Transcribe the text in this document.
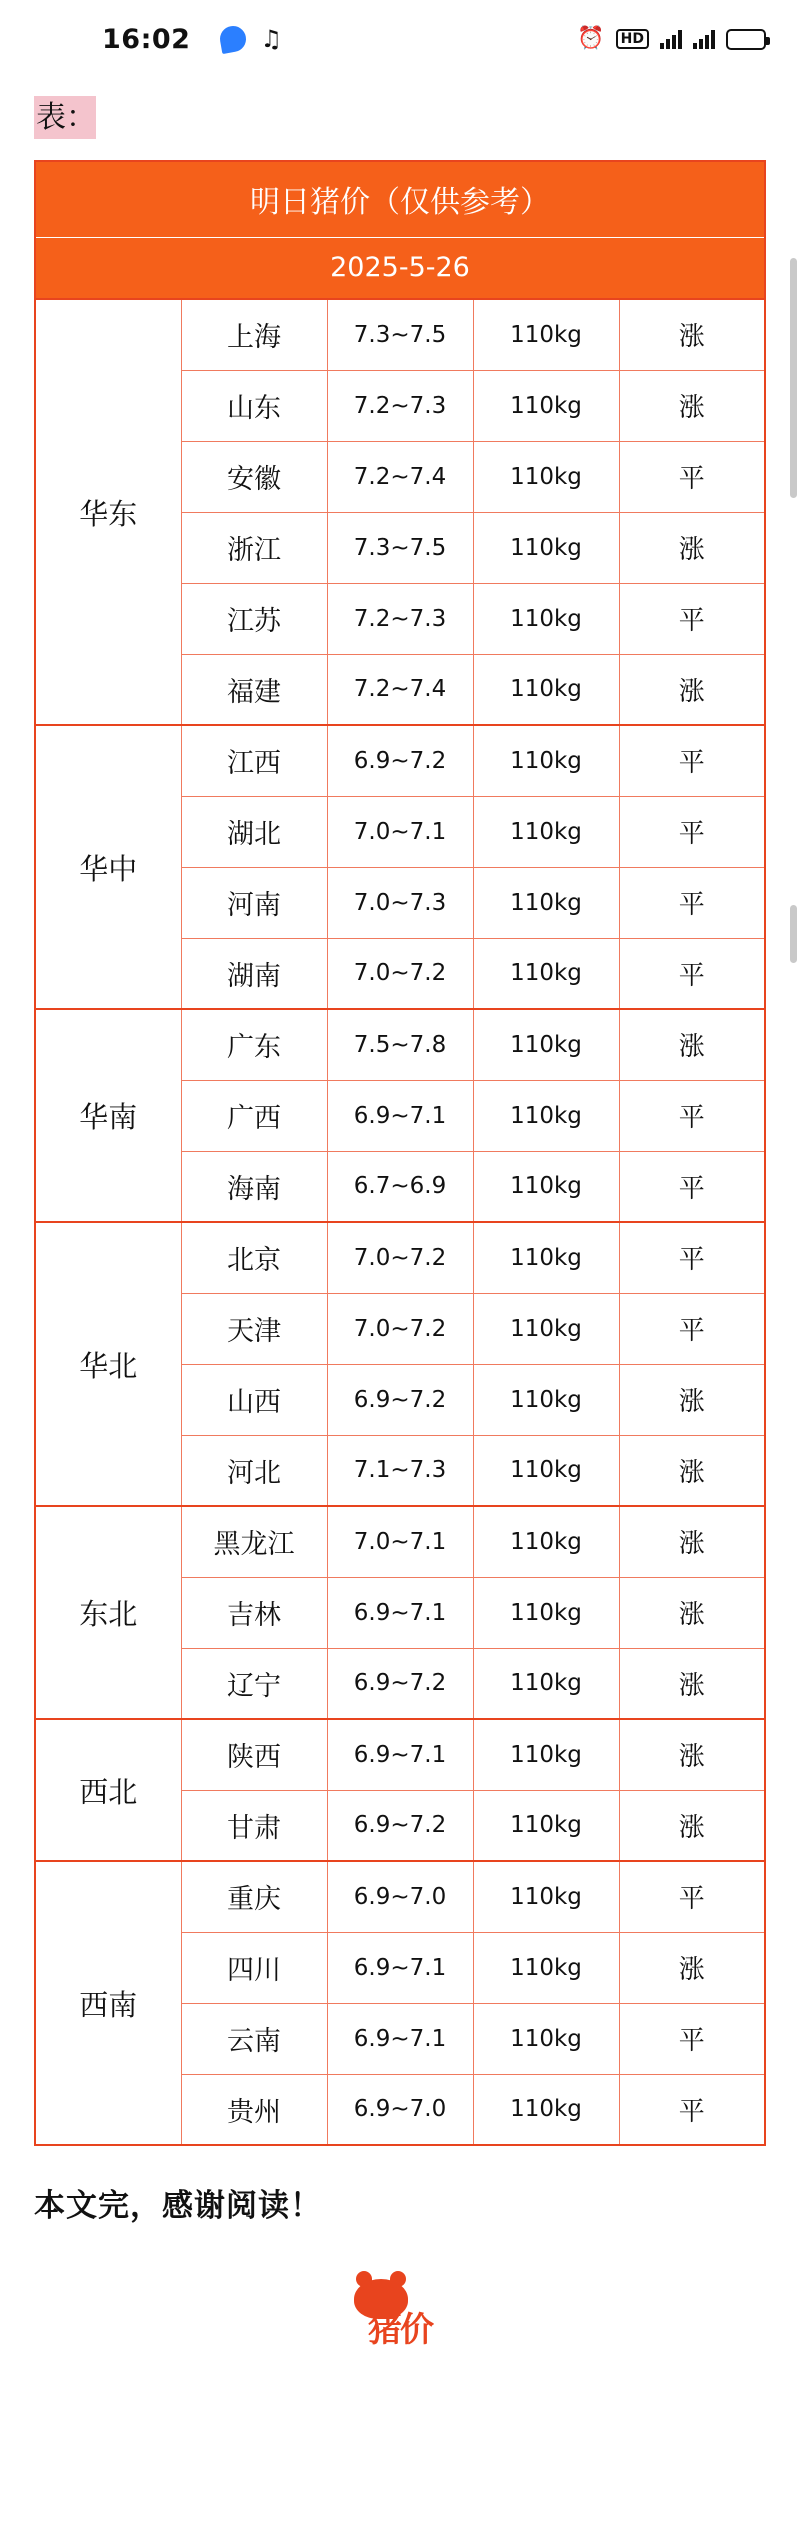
16:02	♫	⏰	HD
表：
明日猪价（仅供参考）				
2025-5-26				
华东	上海	7.3~7.5	110kg	涨
	山东	7.2~7.3	110kg	涨
	安徽	7.2~7.4	110kg	平
	浙江	7.3~7.5	110kg	涨
	江苏	7.2~7.3	110kg	平
	福建	7.2~7.4	110kg	涨
华中	江西	6.9~7.2	110kg	平
	湖北	7.0~7.1	110kg	平
	河南	7.0~7.3	110kg	平
	湖南	7.0~7.2	110kg	平
华南	广东	7.5~7.8	110kg	涨
	广西	6.9~7.1	110kg	平
	海南	6.7~6.9	110kg	平
华北	北京	7.0~7.2	110kg	平
	天津	7.0~7.2	110kg	平
	山西	6.9~7.2	110kg	涨
	河北	7.1~7.3	110kg	涨
东北	黑龙江	7.0~7.1	110kg	涨
	吉林	6.9~7.1	110kg	涨
	辽宁	6.9~7.2	110kg	涨
西北	陕西	6.9~7.1	110kg	涨
	甘肃	6.9~7.2	110kg	涨
西南	重庆	6.9~7.0	110kg	平
	四川	6.9~7.1	110kg	涨
	云南	6.9~7.1	110kg	平
	贵州	6.9~7.0	110kg	平
本文完，感谢阅读！
猪价
